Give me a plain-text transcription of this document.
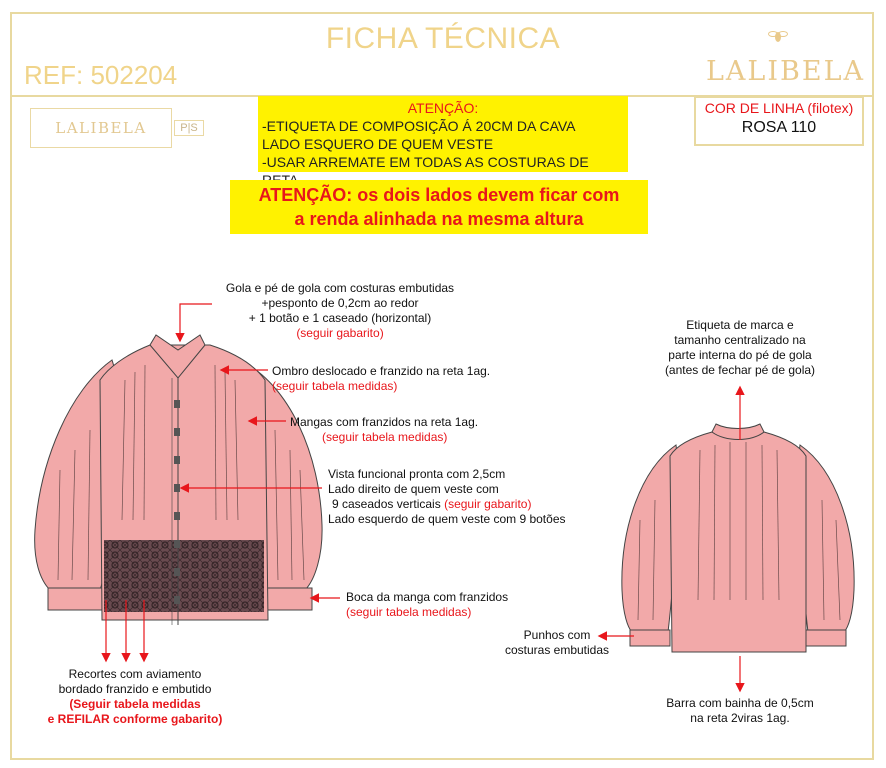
FICHA TÉCNICA
REF: 502204	LALIBELA
LALIBELA	P|S
ATENÇÃO:
-ETIQUETA DE COMPOSIÇÃO Á 20CM DA CAVA
LADO ESQUERO DE QUEM VESTE
-USAR ARREMATE EM TODAS AS COSTURAS DE
ATENÇÃO: os dois lados devem ficar com
a renda alinhada na mesma altura
COR DE LINHA (filotex)
ROSA 110
Gola e pé de gola com costuras embutidas
+pesponto de 0,2cm ao redor
+ 1 botão e 1 caseado (horizontal)
(seguir gabarito)
Ombro deslocado e franzido na reta 1ag.
(seguir tabela medidas)
Mangas com franzidos na reta 1ag.
(seguir tabela medidas)
Vista funcional pronta com 2,5cm
Lado direito de quem veste com
9 caseados verticais (seguir gabarito)
Lado esquerdo de quem veste com 9 botões
Boca da manga com franzidos
(seguir tabela medidas)
Recortes com aviamento
bordado franzido e embutido
(Seguir tabela medidas
e REFILAR conforme gabarito)
Etiqueta de marca e
tamanho centralizado na
parte interna do pé de gola
(antes de fechar pé de gola)
Punhos com
costuras embutidas
Barra com bainha de 0,5cm
na reta 2viras 1ag.
